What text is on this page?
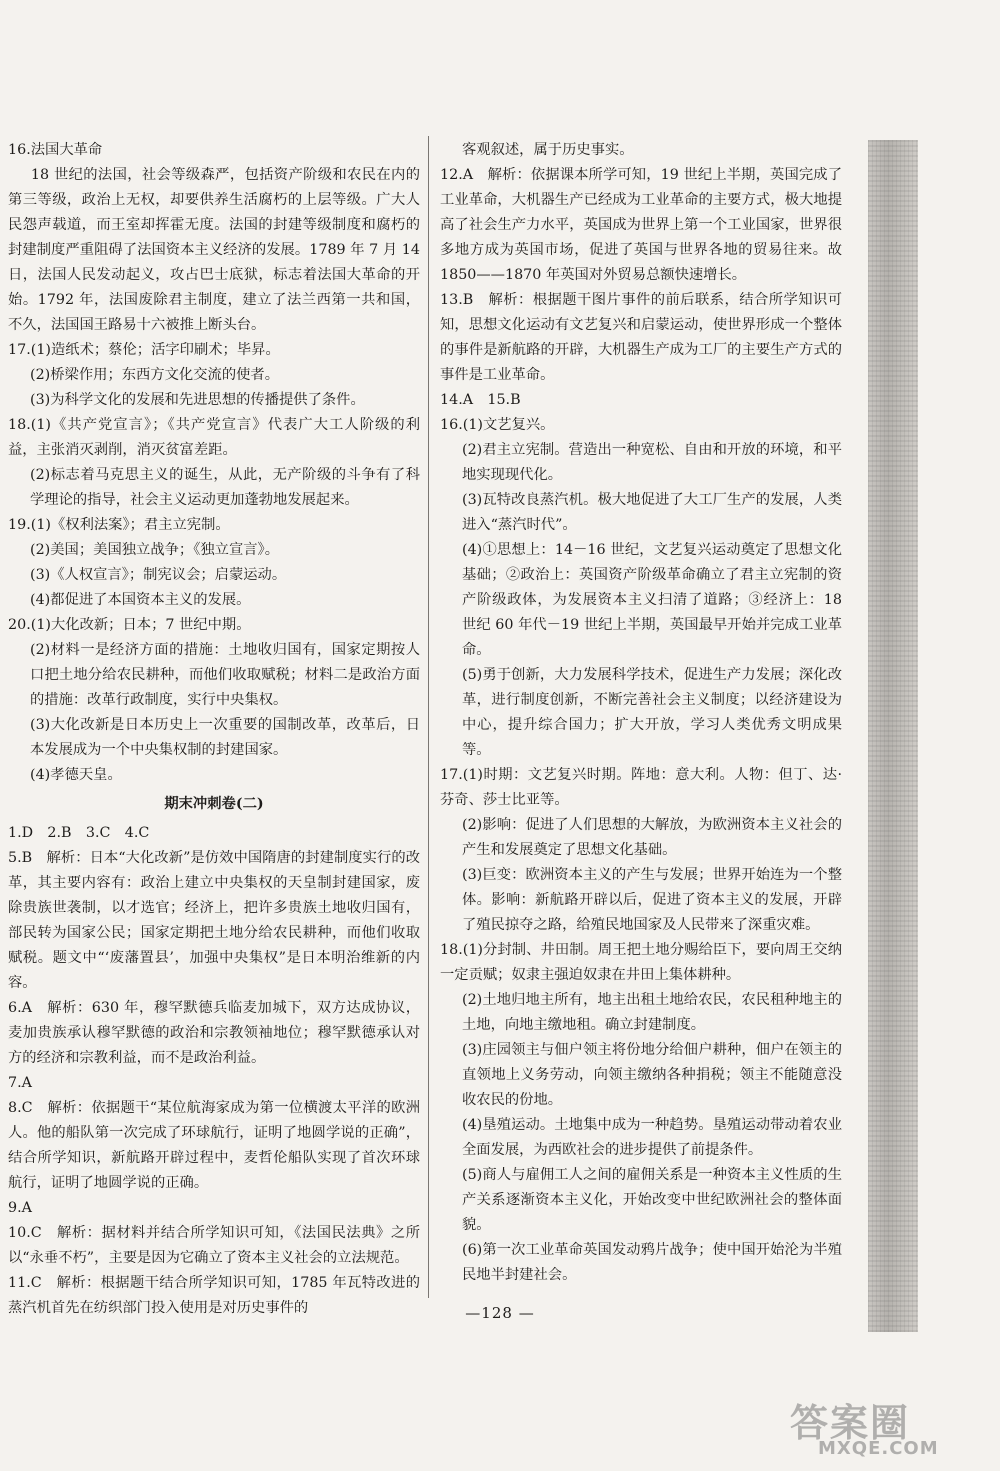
16.法国大革命

18 世纪的法国，社会等级森严，包括资产阶级和农民在内的第三等级，政治上无权，却要供养生活腐朽的上层等级。广大人民怨声载道，而王室却挥霍无度。法国的封建等级制度和腐朽的封建制度严重阻碍了法国资本主义经济的发展。1789 年 7 月 14 日，法国人民发动起义，攻占巴士底狱，标志着法国大革命的开始。1792 年，法国废除君主制度，建立了法兰西第一共和国，不久，法国国王路易十六被推上断头台。

17.(1)造纸术；蔡伦；活字印刷术；毕昇。

(2)桥梁作用；东西方文化交流的使者。

(3)为科学文化的发展和先进思想的传播提供了条件。

18.(1)《共产党宣言》；《共产党宣言》代表广大工人阶级的利益，主张消灭剥削，消灭贫富差距。

(2)标志着马克思主义的诞生，从此，无产阶级的斗争有了科学理论的指导，社会主义运动更加蓬勃地发展起来。

19.(1)《权利法案》；君主立宪制。

(2)美国；美国独立战争；《独立宣言》。

(3)《人权宣言》；制宪议会；启蒙运动。

(4)都促进了本国资本主义的发展。

20.(1)大化改新；日本；7 世纪中期。

(2)材料一是经济方面的措施：土地收归国有，国家定期按人口把土地分给农民耕种，而他们收取赋税；材料二是政治方面的措施：改革行政制度，实行中央集权。

(3)大化改新是日本历史上一次重要的国制改革，改革后，日本发展成为一个中央集权制的封建国家。

(4)孝德天皇。

期末冲刺卷(二)

1.D　2.B　3.C　4.C

5.B　解析：日本“大化改新”是仿效中国隋唐的封建制度实行的改革，其主要内容有：政治上建立中央集权的天皇制封建国家，废除贵族世袭制，以才选官；经济上，把许多贵族土地收归国有，部民转为国家公民；国家定期把土地分给农民耕种，而他们收取赋税。题文中“‘废藩置县’，加强中央集权”是日本明治维新的内容。

6.A　解析：630 年，穆罕默德兵临麦加城下，双方达成协议，麦加贵族承认穆罕默德的政治和宗教领袖地位；穆罕默德承认对方的经济和宗教利益，而不是政治利益。

7.A

8.C　解析：依据题干“某位航海家成为第一位横渡太平洋的欧洲人。他的船队第一次完成了环球航行，证明了地圆学说的正确”，结合所学知识，新航路开辟过程中，麦哲伦船队实现了首次环球航行，证明了地圆学说的正确。

9.A

10.C　解析：据材料并结合所学知识可知，《法国民法典》之所以“永垂不朽”，主要是因为它确立了资本主义社会的立法规范。

11.C　解析：根据题干结合所学知识可知，1785 年瓦特改进的蒸汽机首先在纺织部门投入使用是对历史事件的

客观叙述，属于历史事实。

12.A　解析：依据课本所学可知，19 世纪上半期，英国完成了工业革命，大机器生产已经成为工业革命的主要方式，极大地提高了社会生产力水平，英国成为世界上第一个工业国家，世界很多地方成为英国市场，促进了英国与世界各地的贸易往来。故 1850——1870 年英国对外贸易总额快速增长。

13.B　解析：根据题干图片事件的前后联系，结合所学知识可知，思想文化运动有文艺复兴和启蒙运动，使世界形成一个整体的事件是新航路的开辟，大机器生产成为工厂的主要生产方式的事件是工业革命。

14.A　15.B

16.(1)文艺复兴。

(2)君主立宪制。营造出一种宽松、自由和开放的环境，和平地实现现代化。

(3)瓦特改良蒸汽机。极大地促进了大工厂生产的发展，人类进入“蒸汽时代”。

(4)①思想上：14－16 世纪，文艺复兴运动奠定了思想文化基础；②政治上：英国资产阶级革命确立了君主立宪制的资产阶级政体，为发展资本主义扫清了道路；③经济上：18 世纪 60 年代－19 世纪上半期，英国最早开始并完成工业革命。

(5)勇于创新，大力发展科学技术，促进生产力发展；深化改革，进行制度创新，不断完善社会主义制度；以经济建设为中心，提升综合国力；扩大开放，学习人类优秀文明成果等。

17.(1)时期：文艺复兴时期。阵地：意大利。人物：但丁、达·芬奇、莎士比亚等。

(2)影响：促进了人们思想的大解放，为欧洲资本主义社会的产生和发展奠定了思想文化基础。

(3)巨变：欧洲资本主义的产生与发展；世界开始连为一个整体。影响：新航路开辟以后，促进了资本主义的发展，开辟了殖民掠夺之路，给殖民地国家及人民带来了深重灾难。

18.(1)分封制、井田制。周王把土地分赐给臣下，要向周王交纳一定贡赋；奴隶主强迫奴隶在井田上集体耕种。

(2)土地归地主所有，地主出租土地给农民，农民租种地主的土地，向地主缴地租。确立封建制度。

(3)庄园领主与佃户领主将份地分给佃户耕种，佃户在领主的直领地上义务劳动，向领主缴纳各种捐税；领主不能随意没收农民的份地。

(4)垦殖运动。土地集中成为一种趋势。垦殖运动带动着农业全面发展，为西欧社会的进步提供了前提条件。

(5)商人与雇佣工人之间的雇佣关系是一种资本主义性质的生产关系逐渐资本主义化，开始改变中世纪欧洲社会的整体面貌。

(6)第一次工业革命英国发动鸦片战争；使中国开始沦为半殖民地半封建社会。

—128 —
答案圈
MXQE.COM
